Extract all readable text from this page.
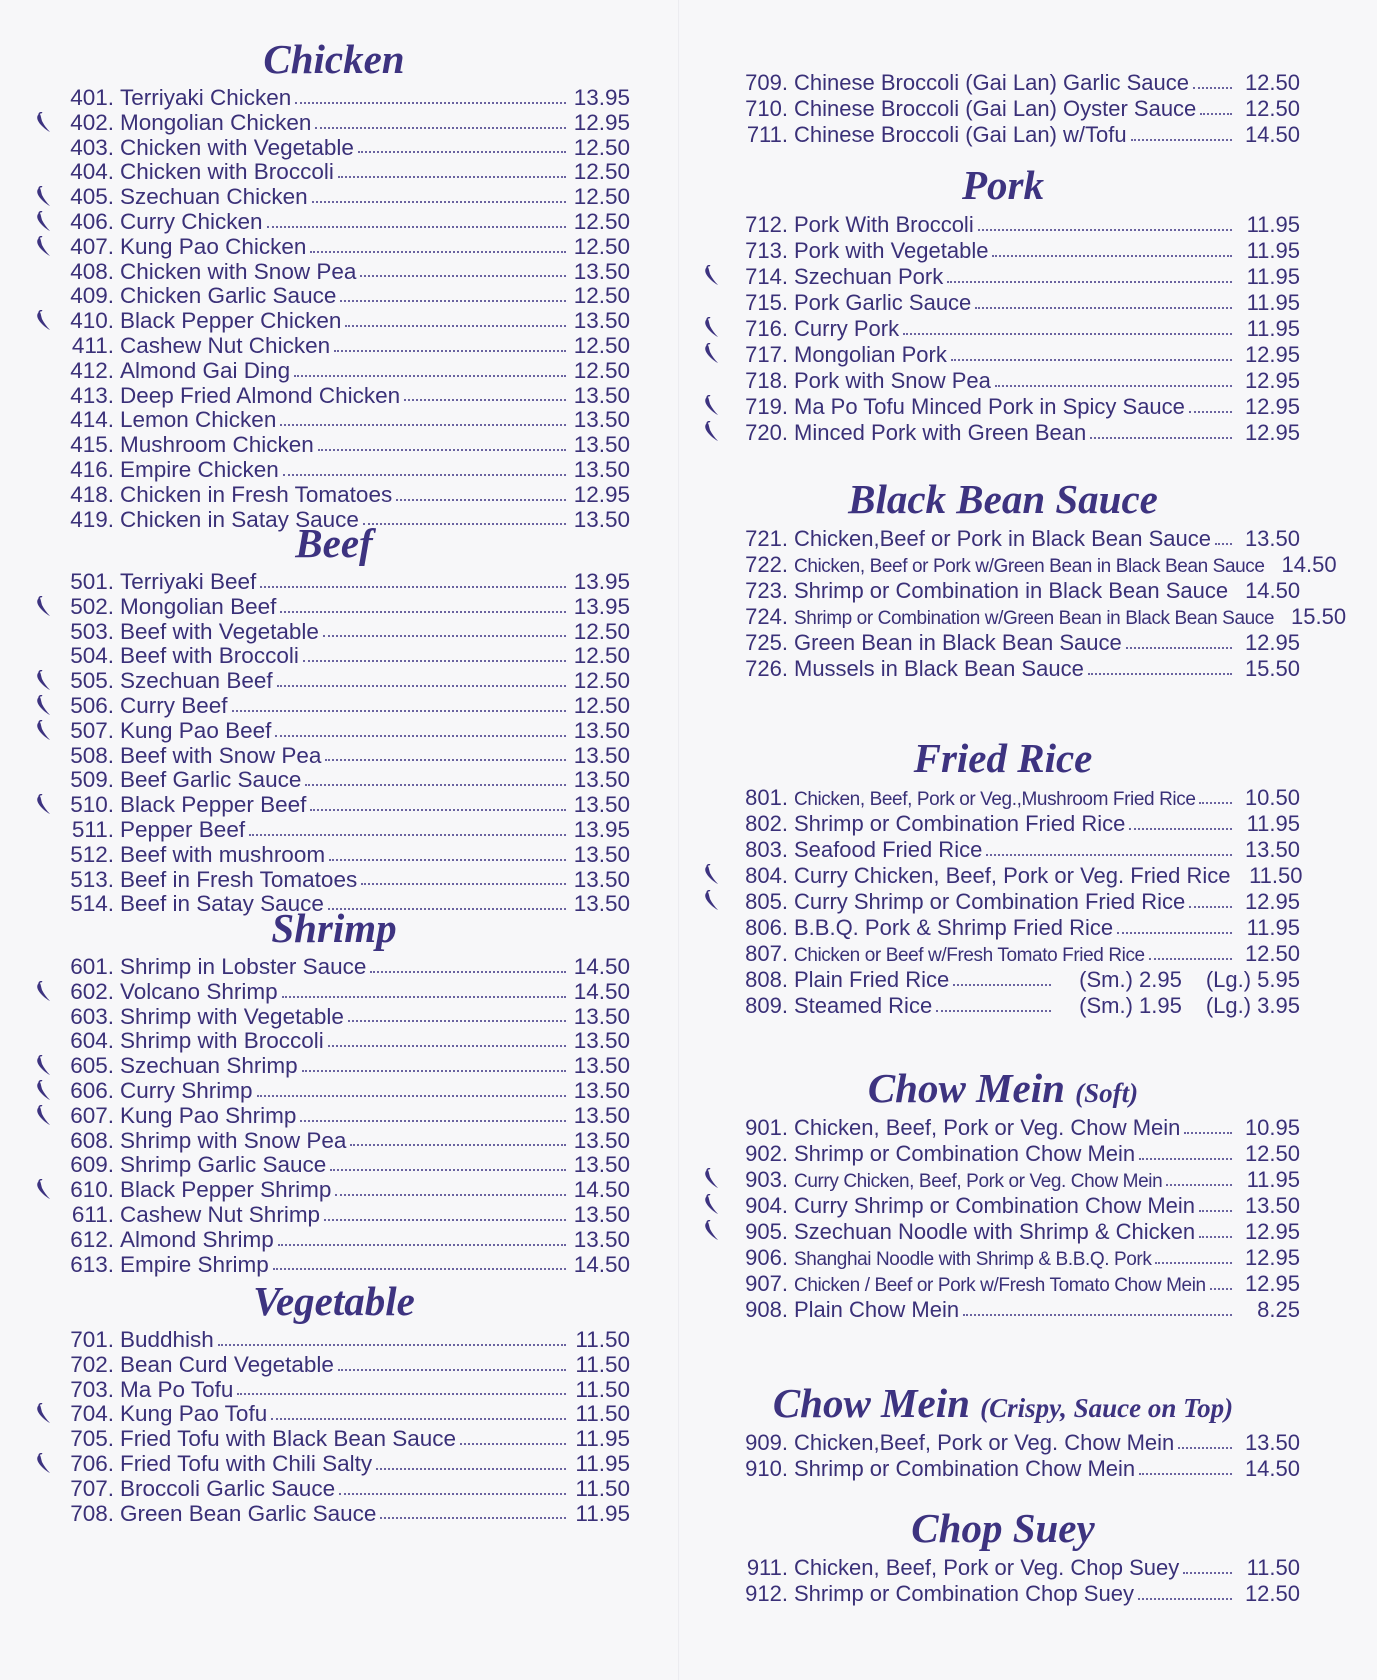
Chicken
401. Terriyaki Chicken	13.95
402. Mongolian Chicken	12.95
403. Chicken with Vegetable	12.50
404. Chicken with Broccoli	12.50
405. Szechuan Chicken	12.50
406. Curry Chicken	12.50
407. Kung Pao Chicken	12.50
408. Chicken with Snow Pea	13.50
409. Chicken Garlic Sauce	12.50
410. Black Pepper Chicken	13.50
411. Cashew Nut Chicken	12.50
412. Almond Gai Ding	12.50
413. Deep Fried Almond Chicken	13.50
414. Lemon Chicken	13.50
415. Mushroom Chicken	13.50
416. Empire Chicken	13.50
418. Chicken in Fresh Tomatoes	12.95
419. Chicken in Satay Sauce	13.50
Beef
501. Terriyaki Beef	13.95
502. Mongolian Beef	13.95
503. Beef with Vegetable	12.50
504. Beef with Broccoli	12.50
505. Szechuan Beef	12.50
506. Curry Beef	12.50
507. Kung Pao Beef	13.50
508. Beef with Snow Pea	13.50
509. Beef Garlic Sauce	13.50
510. Black Pepper Beef	13.50
511. Pepper Beef	13.95
512. Beef with mushroom	13.50
513. Beef in Fresh Tomatoes	13.50
514. Beef in Satay Sauce	13.50
Shrimp
601. Shrimp in Lobster Sauce	14.50
602. Volcano Shrimp	14.50
603. Shrimp with Vegetable	13.50
604. Shrimp with Broccoli	13.50
605. Szechuan Shrimp	13.50
606. Curry Shrimp	13.50
607. Kung Pao Shrimp	13.50
608. Shrimp with Snow Pea	13.50
609. Shrimp Garlic Sauce	13.50
610. Black Pepper Shrimp	14.50
611. Cashew Nut Shrimp	13.50
612. Almond Shrimp	13.50
613. Empire Shrimp	14.50
Vegetable
701. Buddhish	11.50
702. Bean Curd Vegetable	11.50
703. Ma Po Tofu	11.50
704. Kung Pao Tofu	11.50
705. Fried Tofu with Black Bean Sauce	11.95
706. Fried Tofu with Chili Salty	11.95
707. Broccoli Garlic Sauce	11.50
708. Green Bean Garlic Sauce	11.95
709. Chinese Broccoli (Gai Lan) Garlic Sauce	12.50
710. Chinese Broccoli (Gai Lan) Oyster Sauce	12.50
711. Chinese Broccoli (Gai Lan) w/Tofu	14.50
Pork
712. Pork With Broccoli	11.95
713. Pork with Vegetable	11.95
714. Szechuan Pork	11.95
715. Pork Garlic Sauce	11.95
716. Curry Pork	11.95
717. Mongolian Pork	12.95
718. Pork with Snow Pea	12.95
719. Ma Po Tofu Minced Pork in Spicy Sauce	12.95
720. Minced Pork with Green Bean	12.95
Black Bean Sauce
721. Chicken,Beef or Pork in Black Bean Sauce	13.50
722. Chicken, Beef or Pork w/Green Bean in Black Bean Sauce 14.50
723. Shrimp or Combination in Black Bean Sauce 14.50
724. Shrimp or Combination w/Green Bean in Black Bean Sauce 15.50
725. Green Bean in Black Bean Sauce	12.95
726. Mussels in Black Bean Sauce	15.50
Fried Rice
801. Chicken, Beef, Pork or Veg.,Mushroom Fried Rice	10.50
802. Shrimp or Combination Fried Rice	11.95
803. Seafood Fried Rice	13.50
804. Curry Chicken, Beef, Pork or Veg. Fried Rice 11.50
805. Curry Shrimp or Combination Fried Rice	12.95
806. B.B.Q. Pork & Shrimp Fried Rice	11.95
807. Chicken or Beef w/Fresh Tomato Fried Rice	12.50
808. Plain Fried Rice	(Sm.) 2.95 (Lg.) 5.95
809. Steamed Rice	(Sm.) 1.95 (Lg.) 3.95
Chow Mein (Soft)
901. Chicken, Beef, Pork or Veg. Chow Mein	10.95
902. Shrimp or Combination Chow Mein	12.50
903. Curry Chicken, Beef, Pork or Veg. Chow Mein	11.95
904. Curry Shrimp or Combination Chow Mein	13.50
905. Szechuan Noodle with Shrimp & Chicken	12.95
906. Shanghai Noodle with Shrimp & B.B.Q. Pork	12.95
907. Chicken / Beef or Pork w/Fresh Tomato Chow Mein	12.95
908. Plain Chow Mein	8.25
Chow Mein (Crispy, Sauce on Top)
909. Chicken,Beef, Pork or Veg. Chow Mein	13.50
910. Shrimp or Combination Chow Mein	14.50
Chop Suey
911. Chicken, Beef, Pork or Veg. Chop Suey	11.50
912. Shrimp or Combination Chop Suey	12.50
